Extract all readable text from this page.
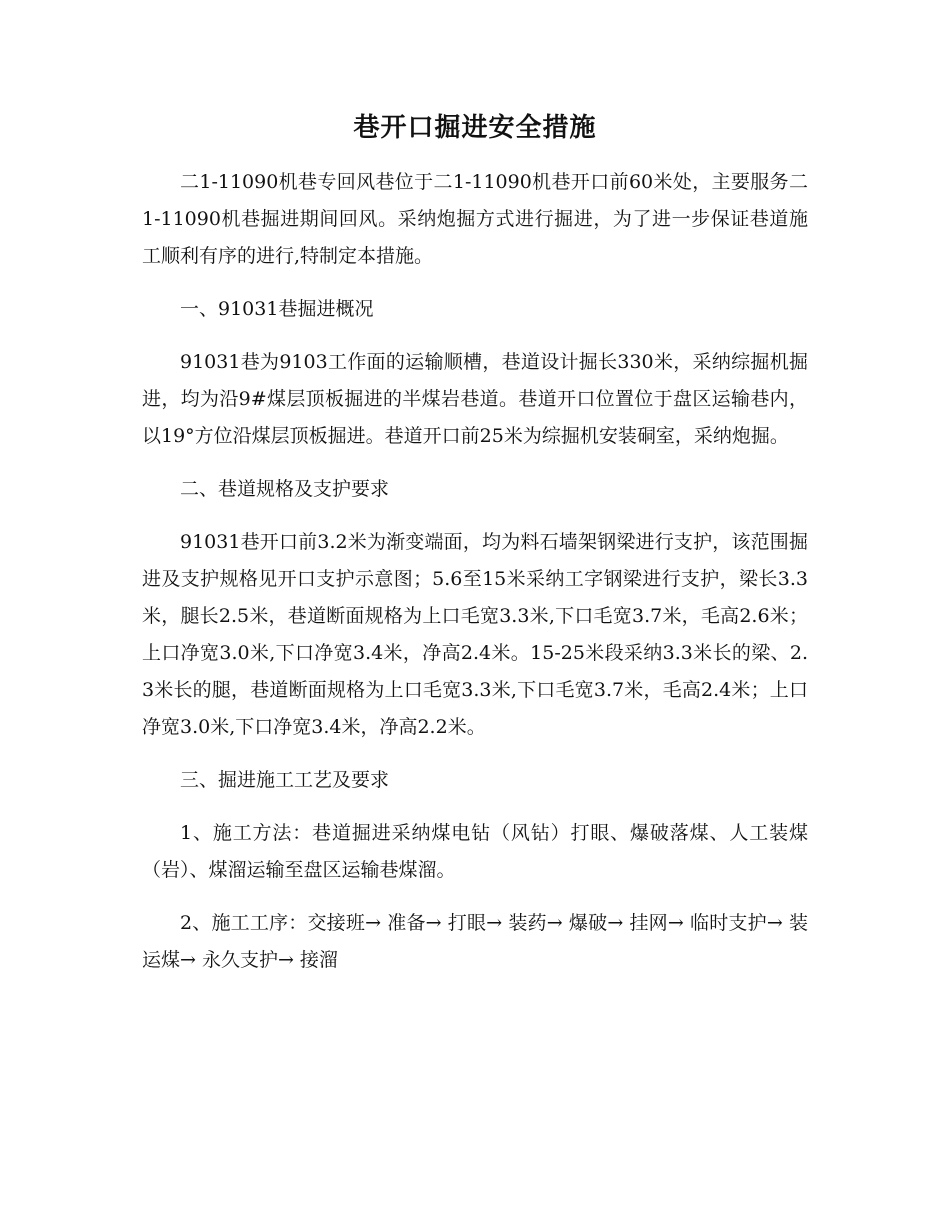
巷开口掘进安全措施

二1-11090机巷专回风巷位于二1-11090机巷开口前60米处，主要服务二1-11090机巷掘进期间回风。采纳炮掘方式进行掘进，为了进一步保证巷道施工顺利有序的进行,特制定本措施。

一、91031巷掘进概况

91031巷为9103工作面的运输顺槽，巷道设计掘长330米，采纳综掘机掘进，均为沿9#煤层顶板掘进的半煤岩巷道。巷道开口位置位于盘区运输巷内，以19°方位沿煤层顶板掘进。巷道开口前25米为综掘机安装硐室，采纳炮掘。

二、巷道规格及支护要求

91031巷开口前3.2米为渐变端面，均为料石墙架钢梁进行支护，该范围掘进及支护规格见开口支护示意图；5.6至15米采纳工字钢梁进行支护，梁长3.3米，腿长2.5米，巷道断面规格为上口毛宽3.3米,下口毛宽3.7米，毛高2.6米；上口净宽3.0米,下口净宽3.4米，净高2.4米。15-25米段采纳3.3米长的梁、2.3米长的腿，巷道断面规格为上口毛宽3.3米,下口毛宽3.7米，毛高2.4米；上口净宽3.0米,下口净宽3.4米，净高2.2米。

三、掘进施工工艺及要求

1、施工方法：巷道掘进采纳煤电钻（风钻）打眼、爆破落煤、人工装煤（岩）、煤溜运输至盘区运输巷煤溜。

2、施工工序：交接班→ 准备→ 打眼→ 装药→ 爆破→ 挂网→ 临时支护→ 装运煤→ 永久支护→ 接溜
